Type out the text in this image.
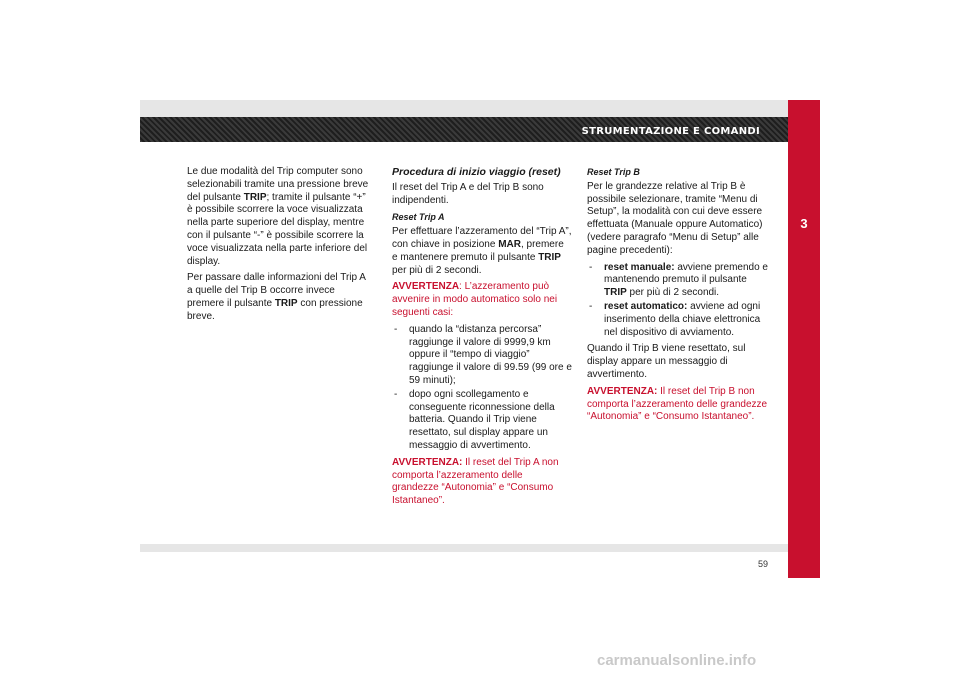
STRUMENTAZIONE E COMANDI
3

Le due modalità del Trip computer sono selezionabili tramite una pressione breve del pulsante TRIP; tramite il pulsante “+” è possibile scorrere la voce visualizzata nella parte superiore del display, mentre con il pulsante “-” è possibile scorrere la voce visualizzata nella parte inferiore del display.

Per passare dalle informazioni del Trip A a quelle del Trip B occorre invece premere il pulsante TRIP con pressione breve.

Procedura di inizio viaggio (reset)

Il reset del Trip A e del Trip B sono indipendenti.

Reset Trip A

Per effettuare l’azzeramento del “Trip A”, con chiave in posizione MAR, premere e mantenere premuto il pulsante TRIP per più di 2 secondi.

AVVERTENZA: L’azzeramento può avvenire in modo automatico solo nei seguenti casi:

- quando la “distanza percorsa” raggiunge il valore di 9999,9 km oppure il “tempo di viaggio” raggiunge il valore di 99.59 (99 ore e 59 minuti);
- dopo ogni scollegamento e conseguente riconnessione della batteria. Quando il Trip viene resettato, sul display appare un messaggio di avvertimento.

AVVERTENZA: Il reset del Trip A non comporta l’azzeramento delle grandezze “Autonomia” e “Consumo Istantaneo”.

Reset Trip B

Per le grandezze relative al Trip B è possibile selezionare, tramite “Menu di Setup”, la modalità con cui deve essere effettuata (Manuale oppure Automatico) (vedere paragrafo “Menu di Setup” alle pagine precedenti):

- reset manuale: avviene premendo e mantenendo premuto il pulsante TRIP per più di 2 secondi.
- reset automatico: avviene ad ogni inserimento della chiave elettronica nel dispositivo di avviamento.

Quando il Trip B viene resettato, sul display appare un messaggio di avvertimento.

AVVERTENZA: Il reset del Trip B non comporta l’azzeramento delle grandezze “Autonomia” e “Consumo Istantaneo”.

59
carmanualsonline.info
